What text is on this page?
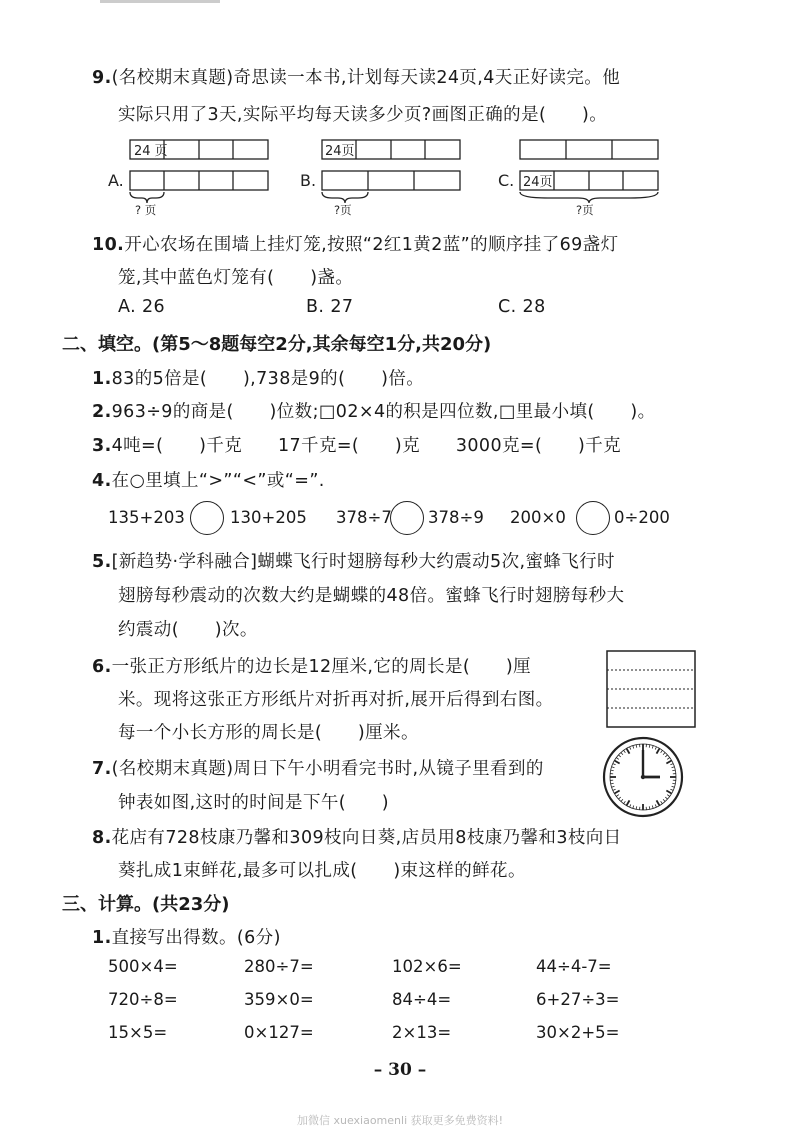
9.(名校期末真题)奇思读一本书,计划每天读24页,4天正好读完。他
实际只用了3天,实际平均每天读多少页?画图正确的是(　　)。
A.	B.	C.
24 页	24页
24页
? 页	?页	?页
10.开心农场在围墙上挂灯笼,按照“2红1黄2蓝”的顺序挂了69盏灯
笼,其中蓝色灯笼有(　　)盏。
A. 26	B. 27	C. 28
二、填空。(第5～8题每空2分,其余每空1分,共20分)
1.83的5倍是(　　),738是9的(　　)倍。
2.963÷9的商是(　　)位数;□02×4的积是四位数,□里最小填(　　)。
3.4吨=(　　)千克　　17千克=(　　)克　　3000克=(　　)千克
4.在○里填上“>”“<”或“=”.
135+203	130+205 378÷7 378÷9 200×0	0÷200
5.[新趋势·学科融合]蝴蝶飞行时翅膀每秒大约震动5次,蜜蜂飞行时
翅膀每秒震动的次数大约是蝴蝶的48倍。蜜蜂飞行时翅膀每秒大
约震动(　　)次。
6.一张正方形纸片的边长是12厘米,它的周长是(　　)厘
米。现将这张正方形纸片对折再对折,展开后得到右图。
每一个小长方形的周长是(　　)厘米。
7.(名校期末真题)周日下午小明看完书时,从镜子里看到的
钟表如图,这时的时间是下午(　　)
8.花店有728枝康乃馨和309枝向日葵,店员用8枝康乃馨和3枝向日
葵扎成1束鲜花,最多可以扎成(　　)束这样的鲜花。
三、计算。(共23分)
1.直接写出得数。(6分)
500×4=	280÷7=	102×6=	44÷4-7=
720÷8=	359×0=	84÷4=	6+27÷3=
15×5=	0×127=	2×13=	30×2+5=
– 30 –
加微信 xuexiaomenli 获取更多免费资料!
